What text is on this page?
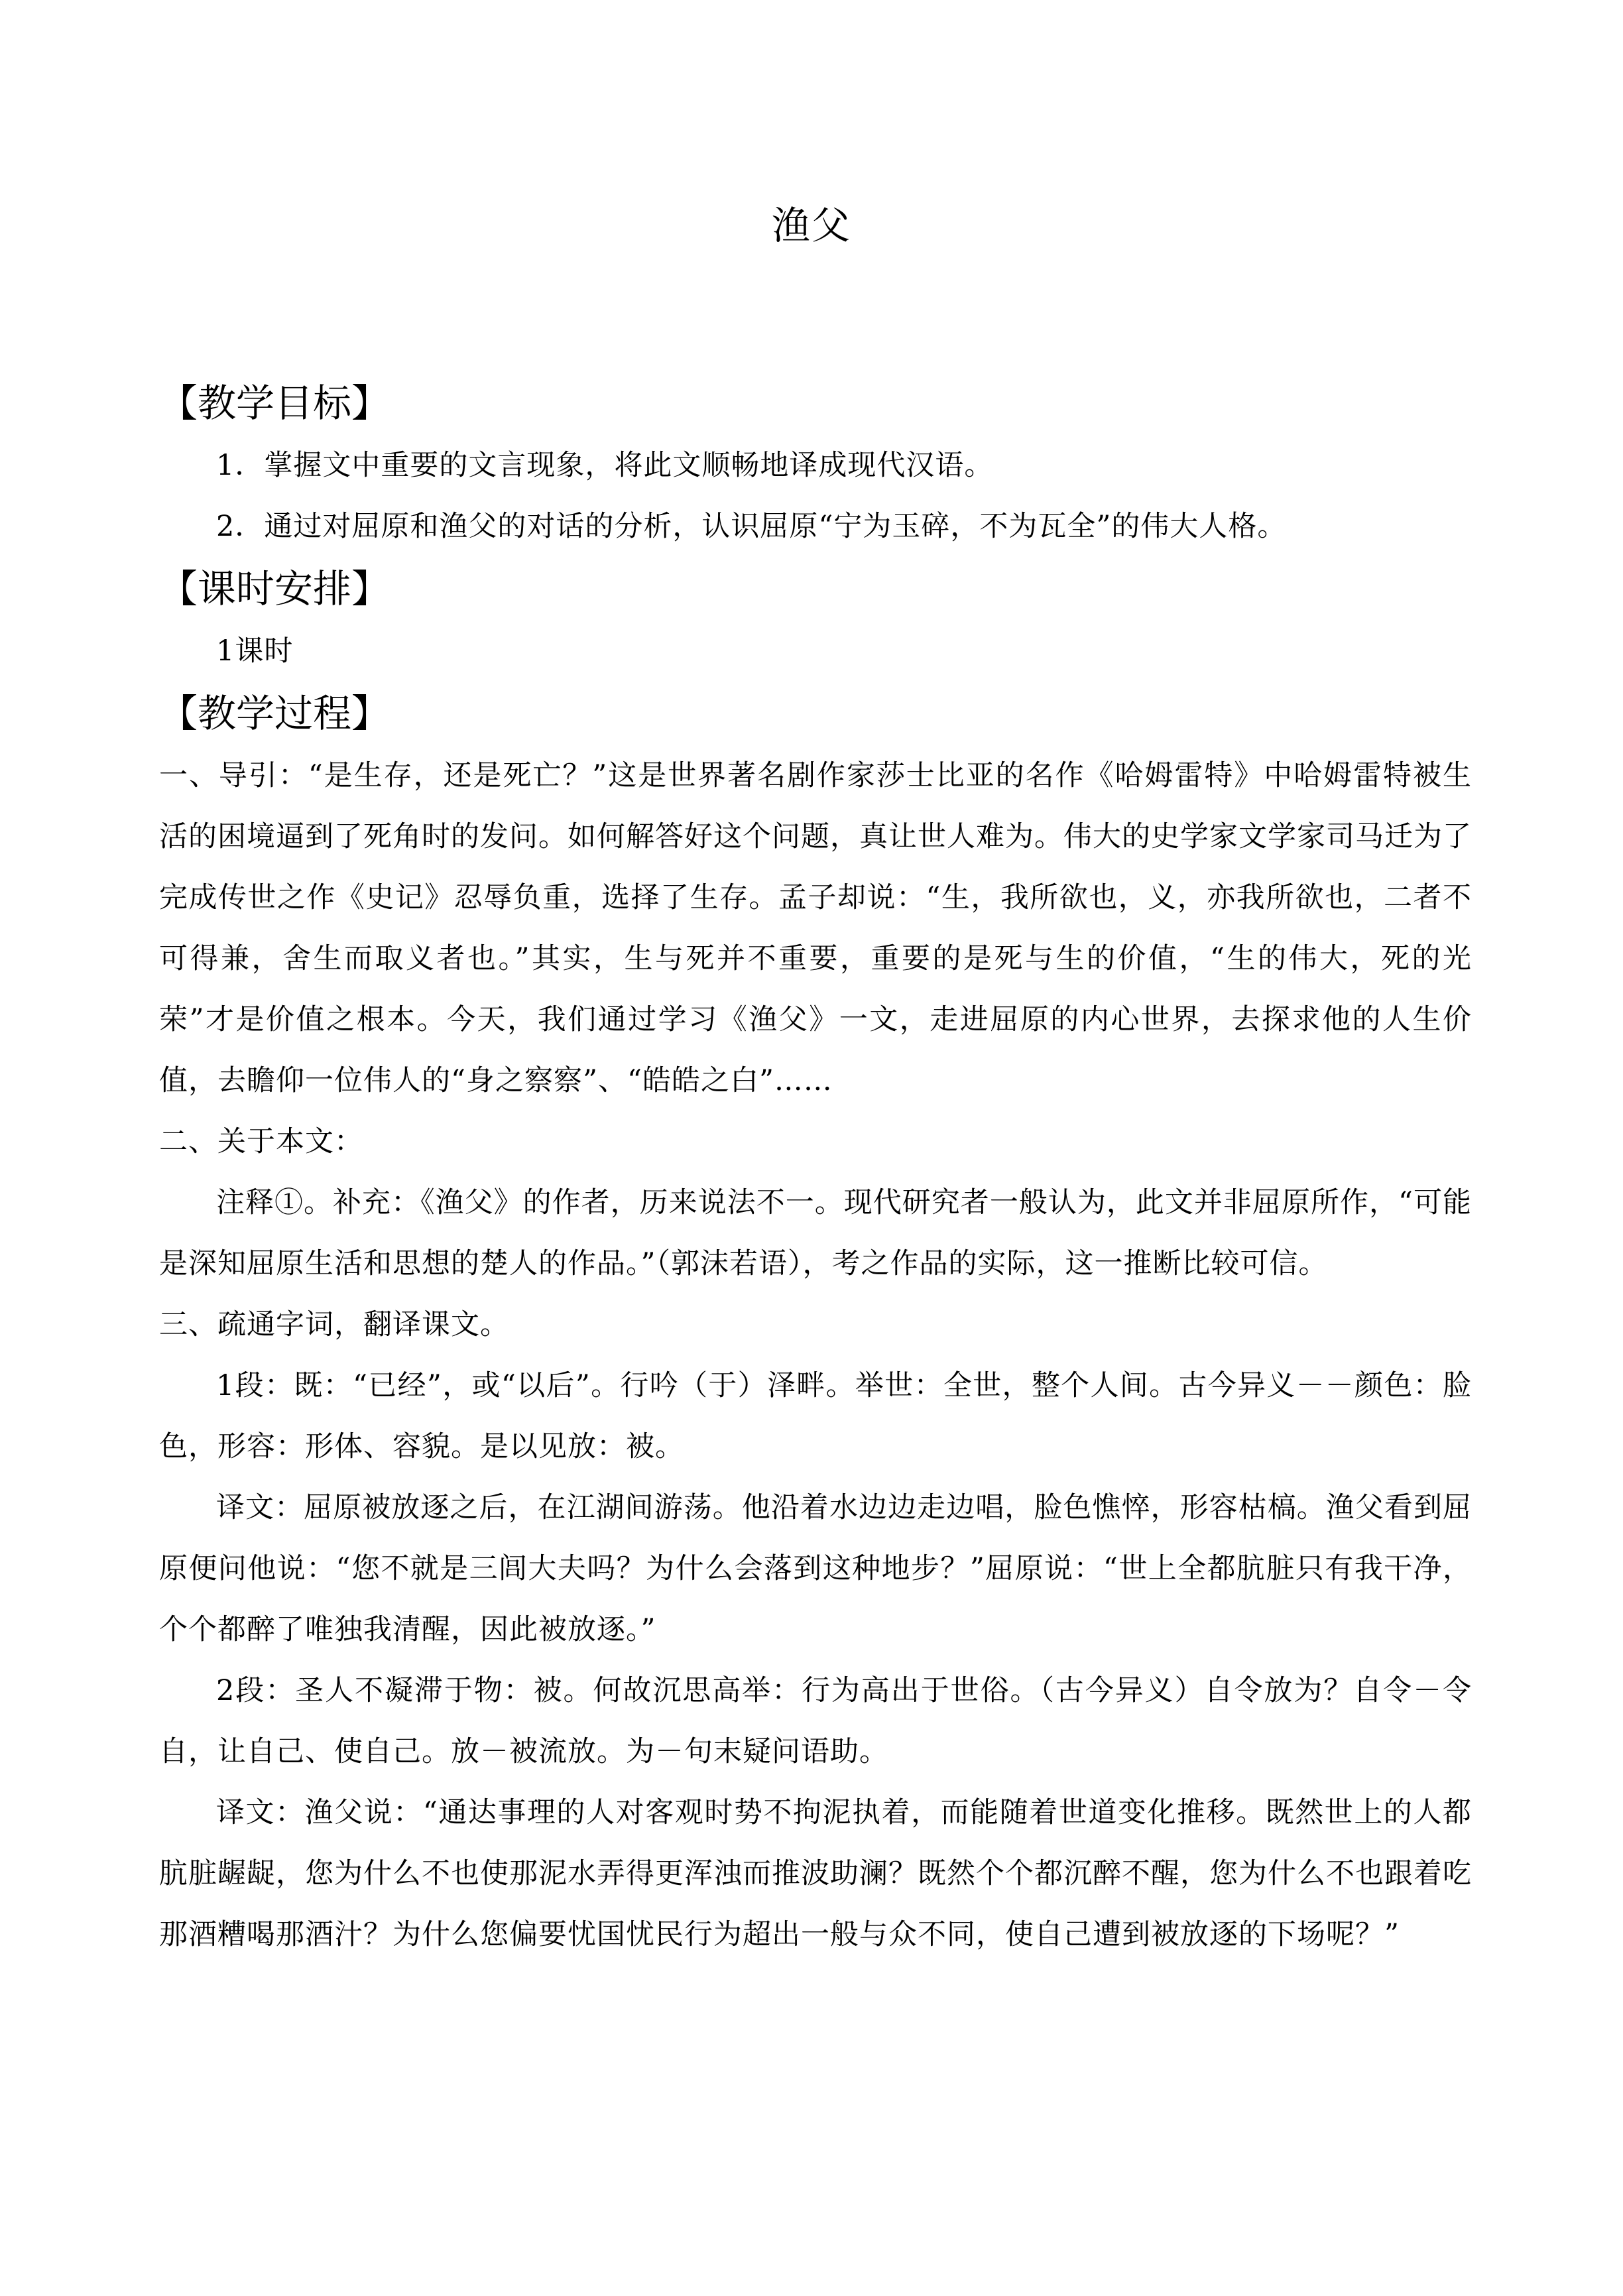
渔父
【教学目标】

1．掌握文中重要的文言现象，将此文顺畅地译成现代汉语。

2．通过对屈原和渔父的对话的分析，认识屈原“宁为玉碎，不为瓦全”的伟大人格。

【课时安排】

1课时

【教学过程】

一、导引：“是生存，还是死亡？”这是世界著名剧作家莎士比亚的名作《哈姆雷特》中哈姆雷特被生活的困境逼到了死角时的发问。如何解答好这个问题，真让世人难为。伟大的史学家文学家司马迁为了完成传世之作《史记》忍辱负重，选择了生存。孟子却说：“生，我所欲也，义，亦我所欲也，二者不可得兼，舍生而取义者也。”其实，生与死并不重要，重要的是死与生的价值，“生的伟大，死的光荣”才是价值之根本。今天，我们通过学习《渔父》一文，走进屈原的内心世界，去探求他的人生价值，去瞻仰一位伟人的“身之察察”、“皓皓之白”……

二、关于本文：

注释①。补充：《渔父》的作者，历来说法不一。现代研究者一般认为，此文并非屈原所作，“可能是深知屈原生活和思想的楚人的作品。”（郭沫若语），考之作品的实际，这一推断比较可信。

三、疏通字词，翻译课文。

1段：既：“已经”，或“以后”。行吟（于）泽畔。举世：全世，整个人间。古今异义－－颜色：脸色，形容：形体、容貌。是以见放：被。

译文：屈原被放逐之后，在江湖间游荡。他沿着水边边走边唱，脸色憔悴，形容枯槁。渔父看到屈原便问他说：“您不就是三闾大夫吗？为什么会落到这种地步？”屈原说：“世上全都肮脏只有我干净，个个都醉了唯独我清醒，因此被放逐。”

2段：圣人不凝滞于物：被。何故沉思高举：行为高出于世俗。（古今异义）自令放为？自令－令自，让自己、使自己。放－被流放。为－句末疑问语助。

译文：渔父说：“通达事理的人对客观时势不拘泥执着，而能随着世道变化推移。既然世上的人都肮脏龌龊，您为什么不也使那泥水弄得更浑浊而推波助澜？既然个个都沉醉不醒，您为什么不也跟着吃那酒糟喝那酒汁？为什么您偏要忧国忧民行为超出一般与众不同，使自己遭到被放逐的下场呢？”
